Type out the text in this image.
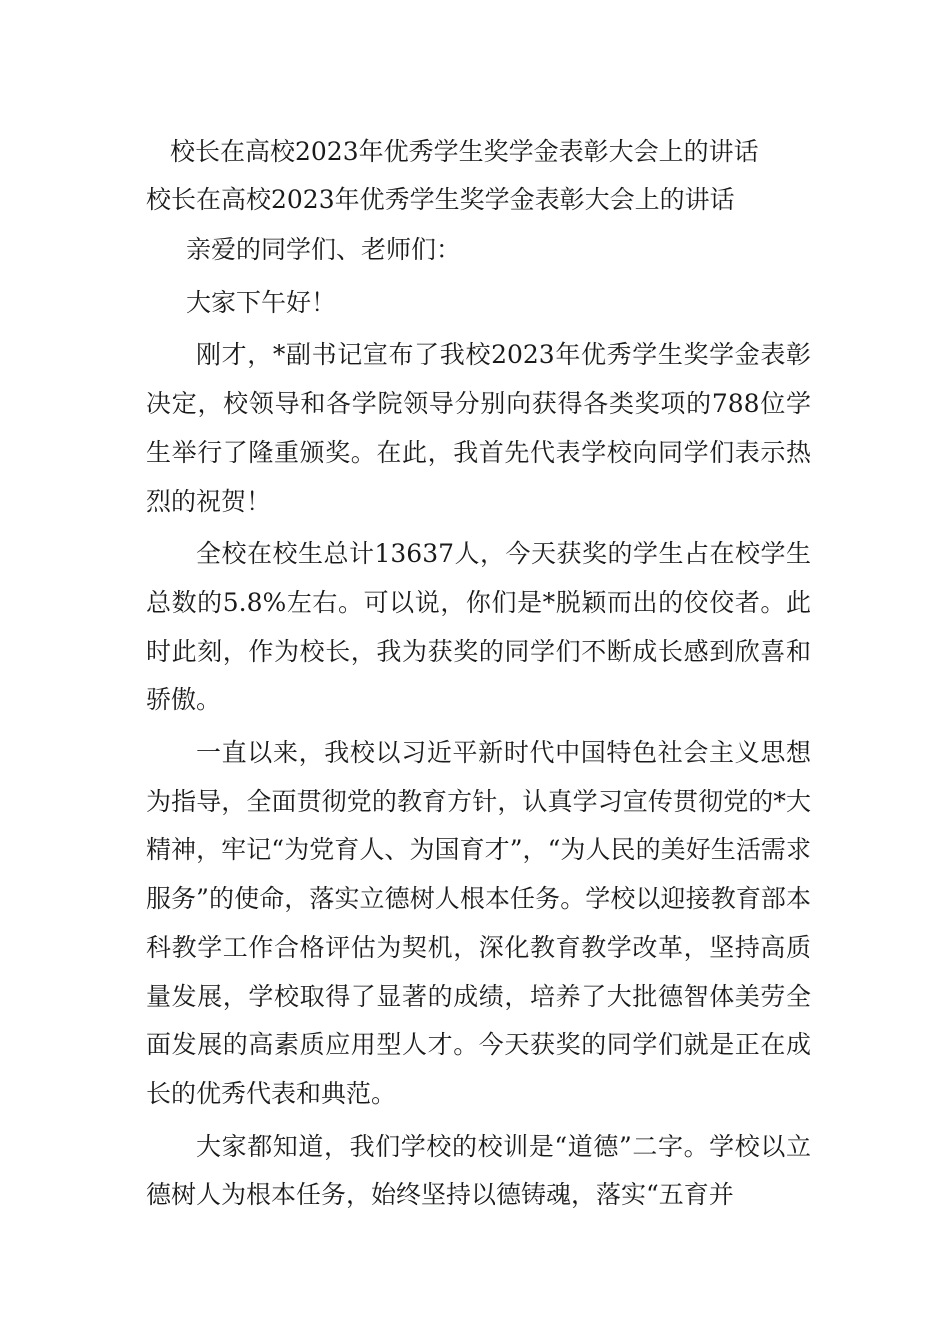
校长在高校2023年优秀学生奖学金表彰大会上的讲话
校长在高校2023年优秀学生奖学金表彰大会上的讲话

亲爱的同学们、老师们：

大家下午好！

刚才，*副书记宣布了我校2023年优秀学生奖学金表彰决定，校领导和各学院领导分别向获得各类奖项的788位学生举行了隆重颁奖。在此，我首先代表学校向同学们表示热烈的祝贺！

全校在校生总计13637人，今天获奖的学生占在校学生总数的5.8%左右。可以说，你们是*脱颖而出的佼佼者。此时此刻，作为校长，我为获奖的同学们不断成长感到欣喜和骄傲。

一直以来，我校以习近平新时代中国特色社会主义思想为指导，全面贯彻党的教育方针，认真学习宣传贯彻党的*大精神，牢记“为党育人、为国育才”，“为人民的美好生活需求服务”的使命，落实立德树人根本任务。学校以迎接教育部本科教学工作合格评估为契机，深化教育教学改革，坚持高质量发展，学校取得了显著的成绩，培养了大批德智体美劳全面发展的高素质应用型人才。今天获奖的同学们就是正在成长的优秀代表和典范。

大家都知道，我们学校的校训是“道德”二字。学校以立德树人为根本任务，始终坚持以德铸魂，落实“五育并
